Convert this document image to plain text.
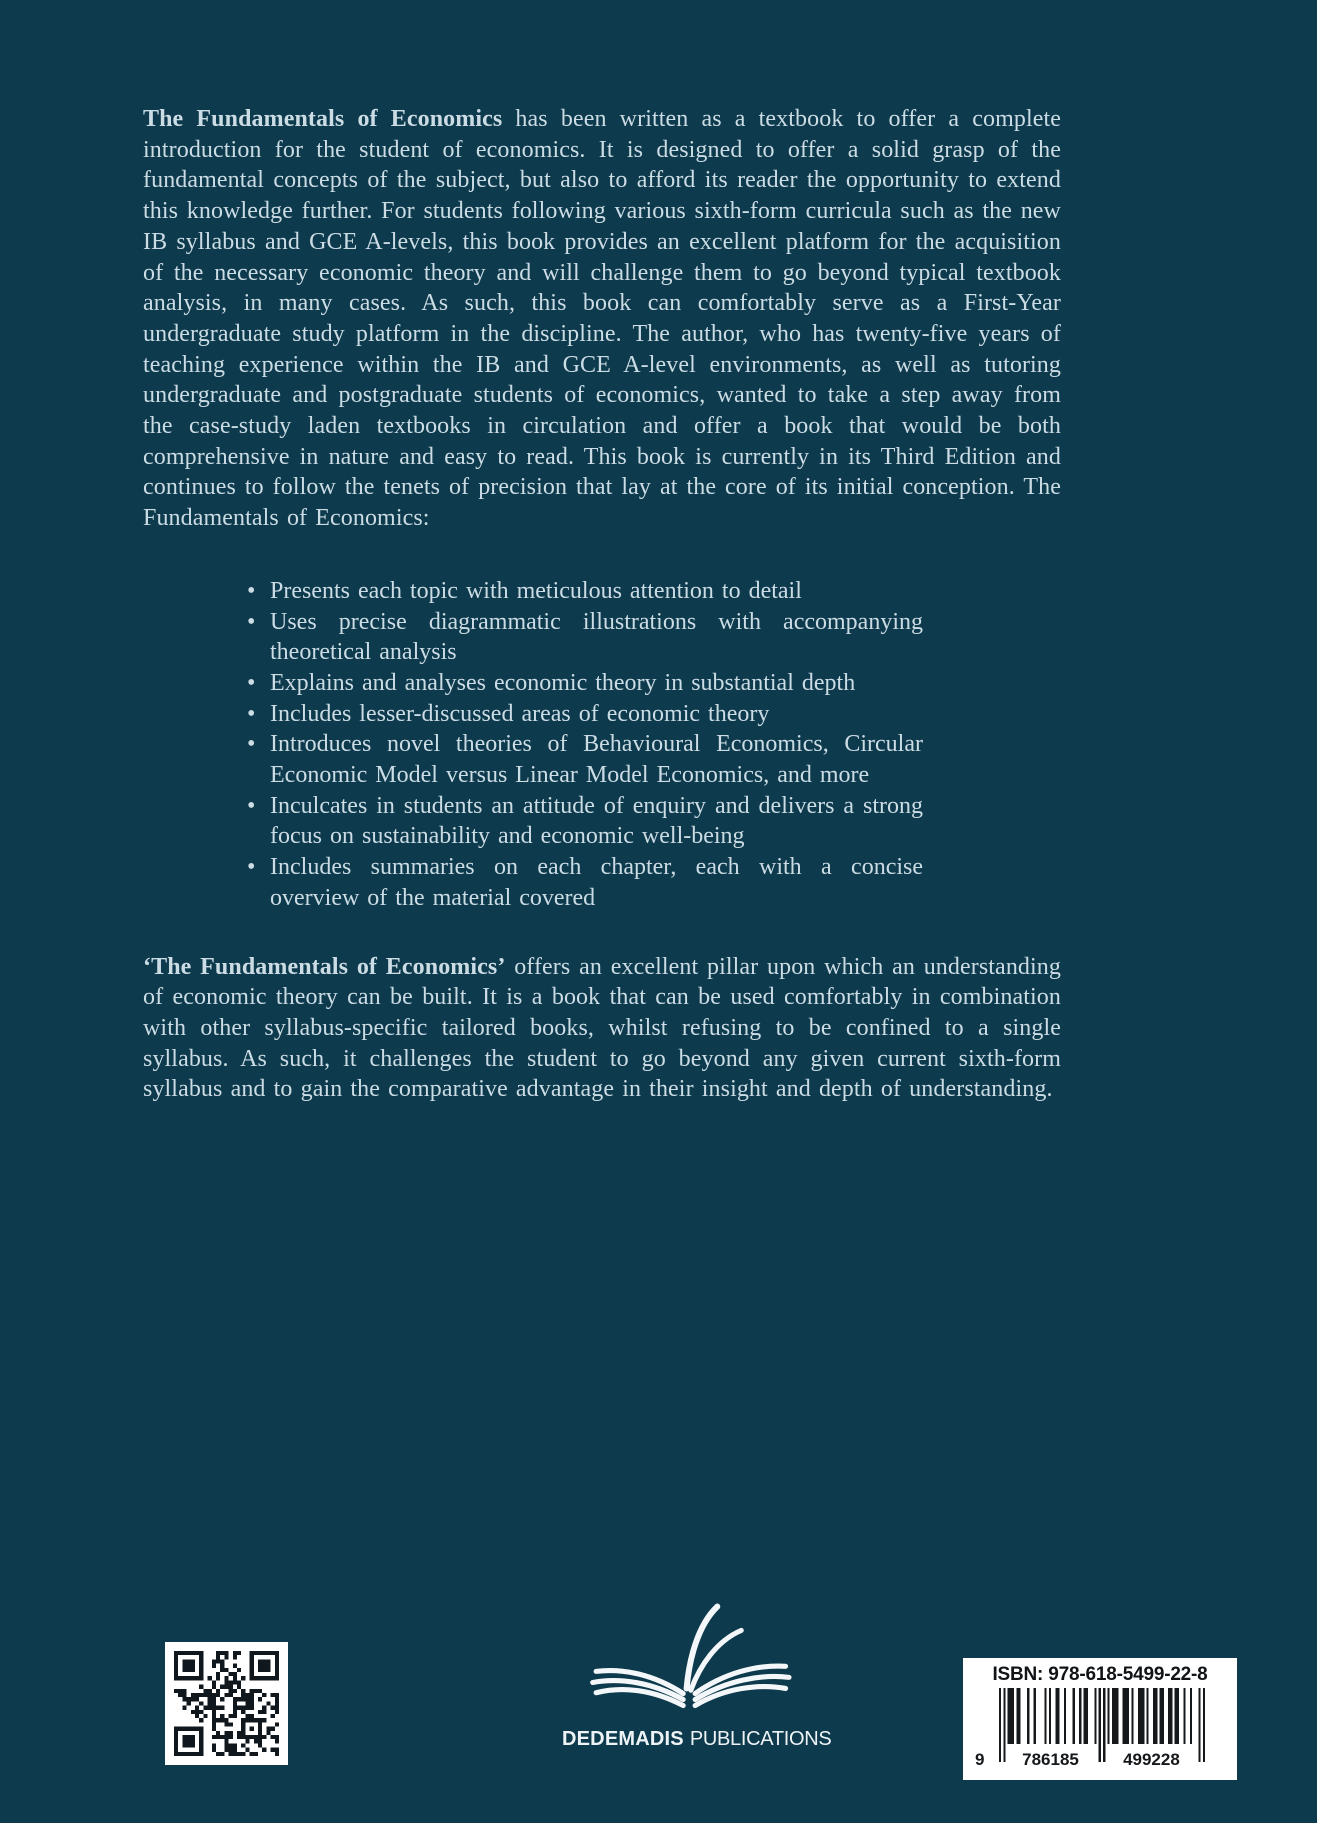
The Fundamentals of Economics has been written as a textbook to offer a complete introduction for the student of economics. It is designed to offer a solid grasp of the fundamental concepts of the subject, but also to afford its reader the opportunity to extend this knowledge further. For students following various sixth-form curricula such as the new IB syllabus and GCE A-levels, this book provides an excellent platform for the acquisition of the necessary economic theory and will challenge them to go beyond typical textbook analysis, in many cases. As such, this book can comfortably serve as a First-Year undergraduate study platform in the discipline. The author, who has twenty-five years of teaching experience within the IB and GCE A-level environments, as well as tutoring undergraduate and postgraduate students of economics, wanted to take a step away from the case-study laden textbooks in circulation and offer a book that would be both comprehensive in nature and easy to read. This book is currently in its Third Edition and continues to follow the tenets of precision that lay at the core of its initial conception. The Fundamentals of Economics:

• Presents each topic with meticulous attention to detail
• Uses precise diagrammatic illustrations with accompanying theoretical analysis
• Explains and analyses economic theory in substantial depth
• Includes lesser-discussed areas of economic theory
• Introduces novel theories of Behavioural Economics, Circular Economic Model versus Linear Model Economics, and more
• Inculcates in students an attitude of enquiry and delivers a strong focus on sustainability and economic well-being
• Includes summaries on each chapter, each with a concise overview of the material covered

‘The Fundamentals of Economics’ offers an excellent pillar upon which an understanding of economic theory can be built. It is a book that can be used comfortably in combination with other syllabus-specific tailored books, whilst refusing to be confined to a single syllabus. As such, it challenges the student to go beyond any given current sixth-form syllabus and to gain the comparative advantage in their insight and depth of understanding.

DEDEMADIS PUBLICATIONS
ISBN: 978-618-5499-22-8
9 786185	499228
